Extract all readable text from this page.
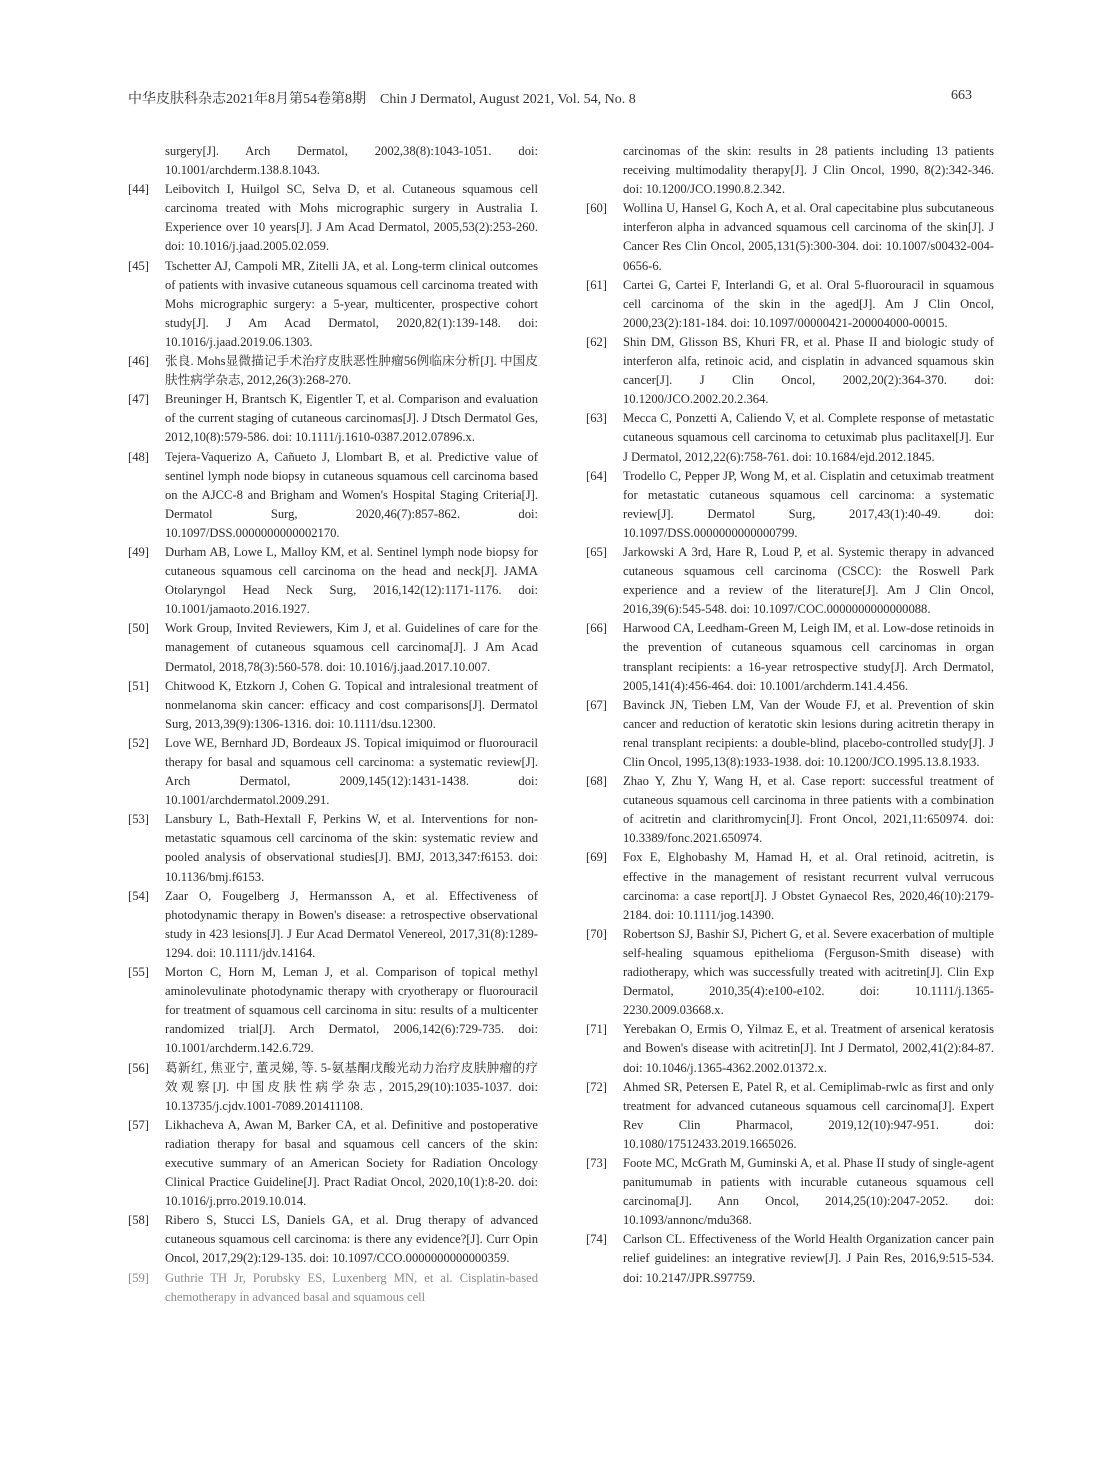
中华皮肤科杂志2021年8月第54卷第8期　Chin J Dermatol, August 2021, Vol. 54, No. 8	663
surgery[J]. Arch Dermatol, 2002,38(8):1043-1051. doi: 10.1001/archderm.138.8.1043.
[44] Leibovitch I, Huilgol SC, Selva D, et al. Cutaneous squamous cell carcinoma treated with Mohs micrographic surgery in Australia I. Experience over 10 years[J]. J Am Acad Dermatol, 2005,53(2):253-260. doi: 10.1016/j.jaad.2005.02.059.
[45] Tschetter AJ, Campoli MR, Zitelli JA, et al. Long-term clinical outcomes of patients with invasive cutaneous squamous cell carcinoma treated with Mohs micrographic surgery: a 5-year, multicenter, prospective cohort study[J]. J Am Acad Dermatol, 2020,82(1):139-148. doi: 10.1016/j.jaad.2019.06.1303.
[46] 张良. Mohs显微描记手术治疗皮肤恶性肿瘤56例临床分析[J]. 中国皮肤性病学杂志, 2012,26(3):268-270.
[47] Breuninger H, Brantsch K, Eigentler T, et al. Comparison and evaluation of the current staging of cutaneous carcinomas[J]. J Dtsch Dermatol Ges, 2012,10(8):579-586. doi: 10.1111/j.1610-0387.2012.07896.x.
[48] Tejera-Vaquerizo A, Cañueto J, Llombart B, et al. Predictive value of sentinel lymph node biopsy in cutaneous squamous cell carcinoma based on the AJCC-8 and Brigham and Women's Hospital Staging Criteria[J]. Dermatol Surg, 2020,46(7):857-862. doi: 10.1097/DSS.0000000000002170.
[49] Durham AB, Lowe L, Malloy KM, et al. Sentinel lymph node biopsy for cutaneous squamous cell carcinoma on the head and neck[J]. JAMA Otolaryngol Head Neck Surg, 2016,142(12):1171-1176. doi: 10.1001/jamaoto.2016.1927.
[50] Work Group, Invited Reviewers, Kim J, et al. Guidelines of care for the management of cutaneous squamous cell carcinoma[J]. J Am Acad Dermatol, 2018,78(3):560-578. doi: 10.1016/j.jaad.2017.10.007.
[51] Chitwood K, Etzkorn J, Cohen G. Topical and intralesional treatment of nonmelanoma skin cancer: efficacy and cost comparisons[J]. Dermatol Surg, 2013,39(9):1306-1316. doi: 10.1111/dsu.12300.
[52] Love WE, Bernhard JD, Bordeaux JS. Topical imiquimod or fluorouracil therapy for basal and squamous cell carcinoma: a systematic review[J]. Arch Dermatol, 2009,145(12):1431-1438. doi: 10.1001/archdermatol.2009.291.
[53] Lansbury L, Bath-Hextall F, Perkins W, et al. Interventions for non-metastatic squamous cell carcinoma of the skin: systematic review and pooled analysis of observational studies[J]. BMJ, 2013,347:f6153. doi: 10.1136/bmj.f6153.
[54] Zaar O, Fougelberg J, Hermansson A, et al. Effectiveness of photodynamic therapy in Bowen's disease: a retrospective observational study in 423 lesions[J]. J Eur Acad Dermatol Venereol, 2017,31(8):1289-1294. doi: 10.1111/jdv.14164.
[55] Morton C, Horn M, Leman J, et al. Comparison of topical methyl aminolevulinate photodynamic therapy with cryotherapy or fluorouracil for treatment of squamous cell carcinoma in situ: results of a multicenter randomized trial[J]. Arch Dermatol, 2006,142(6):729-735. doi: 10.1001/archderm.142.6.729.
[56] 葛新红, 焦亚宁, 董灵娣, 等. 5-氨基酮戊酸光动力治疗皮肤肿瘤的疗效观察[J]. 中国皮肤性病学杂志, 2015,29(10):1035-1037. doi: 10.13735/j.cjdv.1001-7089.201411108.
[57] Likhacheva A, Awan M, Barker CA, et al. Definitive and postoperative radiation therapy for basal and squamous cell cancers of the skin: executive summary of an American Society for Radiation Oncology Clinical Practice Guideline[J]. Pract Radiat Oncol, 2020,10(1):8-20. doi: 10.1016/j.prro.2019.10.014.
[58] Ribero S, Stucci LS, Daniels GA, et al. Drug therapy of advanced cutaneous squamous cell carcinoma: is there any evidence?[J]. Curr Opin Oncol, 2017,29(2):129-135. doi: 10.1097/CCO.0000000000000359.
[59] Guthrie TH Jr, Porubsky ES, Luxenberg MN, et al. Cisplatin-based chemotherapy in advanced basal and squamous cell
carcinomas of the skin: results in 28 patients including 13 patients receiving multimodality therapy[J]. J Clin Oncol, 1990, 8(2):342-346. doi: 10.1200/JCO.1990.8.2.342.
[60] Wollina U, Hansel G, Koch A, et al. Oral capecitabine plus subcutaneous interferon alpha in advanced squamous cell carcinoma of the skin[J]. J Cancer Res Clin Oncol, 2005,131(5):300-304. doi: 10.1007/s00432-004-0656-6.
[61] Cartei G, Cartei F, Interlandi G, et al. Oral 5-fluorouracil in squamous cell carcinoma of the skin in the aged[J]. Am J Clin Oncol, 2000,23(2):181-184. doi: 10.1097/00000421-200004000-00015.
[62] Shin DM, Glisson BS, Khuri FR, et al. Phase II and biologic study of interferon alfa, retinoic acid, and cisplatin in advanced squamous skin cancer[J]. J Clin Oncol, 2002,20(2):364-370. doi: 10.1200/JCO.2002.20.2.364.
[63] Mecca C, Ponzetti A, Caliendo V, et al. Complete response of metastatic cutaneous squamous cell carcinoma to cetuximab plus paclitaxel[J]. Eur J Dermatol, 2012,22(6):758-761. doi: 10.1684/ejd.2012.1845.
[64] Trodello C, Pepper JP, Wong M, et al. Cisplatin and cetuximab treatment for metastatic cutaneous squamous cell carcinoma: a systematic review[J]. Dermatol Surg, 2017,43(1):40-49. doi: 10.1097/DSS.0000000000000799.
[65] Jarkowski A 3rd, Hare R, Loud P, et al. Systemic therapy in advanced cutaneous squamous cell carcinoma (CSCC): the Roswell Park experience and a review of the literature[J]. Am J Clin Oncol, 2016,39(6):545-548. doi: 10.1097/COC.0000000000000088.
[66] Harwood CA, Leedham-Green M, Leigh IM, et al. Low-dose retinoids in the prevention of cutaneous squamous cell carcinomas in organ transplant recipients: a 16-year retrospective study[J]. Arch Dermatol, 2005,141(4):456-464. doi: 10.1001/archderm.141.4.456.
[67] Bavinck JN, Tieben LM, Van der Woude FJ, et al. Prevention of skin cancer and reduction of keratotic skin lesions during acitretin therapy in renal transplant recipients: a double-blind, placebo-controlled study[J]. J Clin Oncol, 1995,13(8):1933-1938. doi: 10.1200/JCO.1995.13.8.1933.
[68] Zhao Y, Zhu Y, Wang H, et al. Case report: successful treatment of cutaneous squamous cell carcinoma in three patients with a combination of acitretin and clarithromycin[J]. Front Oncol, 2021,11:650974. doi: 10.3389/fonc.2021.650974.
[69] Fox E, Elghobashy M, Hamad H, et al. Oral retinoid, acitretin, is effective in the management of resistant recurrent vulval verrucous carcinoma: a case report[J]. J Obstet Gynaecol Res, 2020,46(10):2179-2184. doi: 10.1111/jog.14390.
[70] Robertson SJ, Bashir SJ, Pichert G, et al. Severe exacerbation of multiple self-healing squamous epithelioma (Ferguson-Smith disease) with radiotherapy, which was successfully treated with acitretin[J]. Clin Exp Dermatol, 2010,35(4):e100-e102. doi: 10.1111/j.1365-2230.2009.03668.x.
[71] Yerebakan O, Ermis O, Yilmaz E, et al. Treatment of arsenical keratosis and Bowen's disease with acitretin[J]. Int J Dermatol, 2002,41(2):84-87. doi: 10.1046/j.1365-4362.2002.01372.x.
[72] Ahmed SR, Petersen E, Patel R, et al. Cemiplimab-rwlc as first and only treatment for advanced cutaneous squamous cell carcinoma[J]. Expert Rev Clin Pharmacol, 2019,12(10):947-951. doi: 10.1080/17512433.2019.1665026.
[73] Foote MC, McGrath M, Guminski A, et al. Phase II study of single-agent panitumumab in patients with incurable cutaneous squamous cell carcinoma[J]. Ann Oncol, 2014,25(10):2047-2052. doi: 10.1093/annonc/mdu368.
[74] Carlson CL. Effectiveness of the World Health Organization cancer pain relief guidelines: an integrative review[J]. J Pain Res, 2016,9:515-534. doi: 10.2147/JPR.S97759.
